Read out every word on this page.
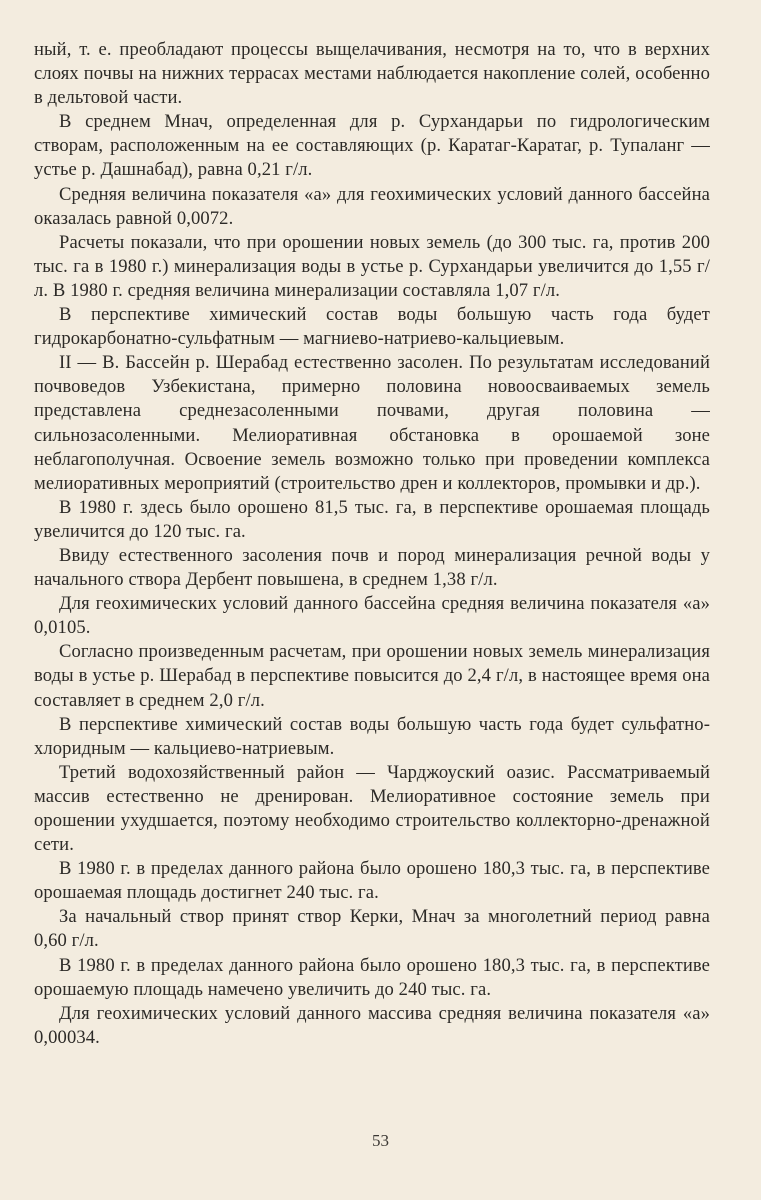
ный, т. е. преобладают процессы выщелачивания, несмотря на то, что в верхних слоях почвы на нижних террасах местами наблюдается накопление солей, особенно в дельтовой части.

В среднем Мнач, определенная для р. Сурхандарьи по гидрологическим створам, расположенным на ее составляющих (р. Каратаг-Каратаг, р. Тупаланг — устье р. Дашнабад), равна 0,21 г/л.

Средняя величина показателя «а» для геохимических условий данного бассейна оказалась равной 0,0072.

Расчеты показали, что при орошении новых земель (до 300 тыс. га, против 200 тыс. га в 1980 г.) минерализация воды в устье р. Сурхандарьи увеличится до 1,55 г/л. В 1980 г. средняя величина минерализации составляла 1,07 г/л.

В перспективе химический состав воды большую часть года будет гидрокарбонатно-сульфатным — магниево-натриево-кальциевым.

II — В. Бассейн р. Шерабад естественно засолен. По результатам исследований почвоведов Узбекистана, примерно половина новоосваиваемых земель представлена среднезасоленными почвами, другая половина — сильнозасоленными. Мелиоративная обстановка в орошаемой зоне неблагополучная. Освоение земель возможно только при проведении комплекса мелиоративных мероприятий (строительство дрен и коллекторов, промывки и др.).

В 1980 г. здесь было орошено 81,5 тыс. га, в перспективе орошаемая площадь увеличится до 120 тыс. га.

Ввиду естественного засоления почв и пород минерализация речной воды у начального створа Дербент повышена, в среднем 1,38 г/л.

Для геохимических условий данного бассейна средняя величина показателя «а» 0,0105.

Согласно произведенным расчетам, при орошении новых земель минерализация воды в устье р. Шерабад в перспективе повысится до 2,4 г/л, в настоящее время она составляет в среднем 2,0 г/л.

В перспективе химический состав воды большую часть года будет сульфатно-хлоридным — кальциево-натриевым.

Третий водохозяйственный район — Чарджоуский оазис. Рассматриваемый массив естественно не дренирован. Мелиоративное состояние земель при орошении ухудшается, поэтому необходимо строительство коллекторно-дренажной сети.

В 1980 г. в пределах данного района было орошено 180,3 тыс. га, в перспективе орошаемая площадь достигнет 240 тыс. га.

За начальный створ принят створ Керки, Мнач за многолетний период равна 0,60 г/л.

В 1980 г. в пределах данного района было орошено 180,3 тыс. га, в перспективе орошаемую площадь намечено увеличить до 240 тыс. га.

Для геохимических условий данного массива средняя величина показателя «а» 0,00034.

53
